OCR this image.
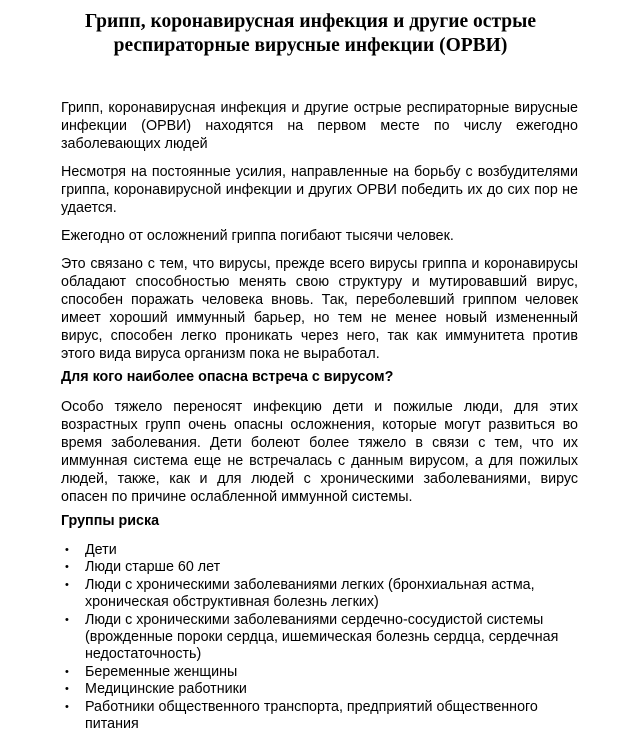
Грипп, коронавирусная инфекция и другие острые респираторные вирусные инфекции (ОРВИ)

Грипп, коронавирусная инфекция и другие острые респираторные вирусные инфекции (ОРВИ) находятся на первом месте по числу ежегодно заболевающих людей

Несмотря на постоянные усилия, направленные на борьбу с возбудителями гриппа, коронавирусной инфекции и других ОРВИ победить их до сих пор не удается.

Ежегодно от осложнений гриппа погибают тысячи человек.

Это связано с тем, что вирусы, прежде всего вирусы гриппа и коронавирусы обладают способностью менять свою структуру и мутировавший вирус, способен поражать человека вновь. Так, переболевший гриппом человек имеет хороший иммунный барьер, но тем не менее новый измененный вирус, способен легко проникать через него, так как иммунитета против этого вида вируса организм пока не выработал.

Для кого наиболее опасна встреча с вирусом?

Особо тяжело переносят инфекцию дети и пожилые люди, для этих возрастных групп очень опасны осложнения, которые могут развиться во время заболевания. Дети болеют более тяжело в связи с тем, что их иммунная система еще не встречалась с данным вирусом, а для пожилых людей, также, как и для людей с хроническими заболеваниями, вирус опасен по причине ослабленной иммунной системы.

Группы риска

• Дети
• Люди старше 60 лет
• Люди с хроническими заболеваниями легких (бронхиальная астма, хроническая обструктивная болезнь легких)
• Люди с хроническими заболеваниями сердечно-сосудистой системы (врожденные пороки сердца, ишемическая болезнь сердца, сердечная недостаточность)
• Беременные женщины
• Медицинские работники
• Работники общественного транспорта, предприятий общественного питания
